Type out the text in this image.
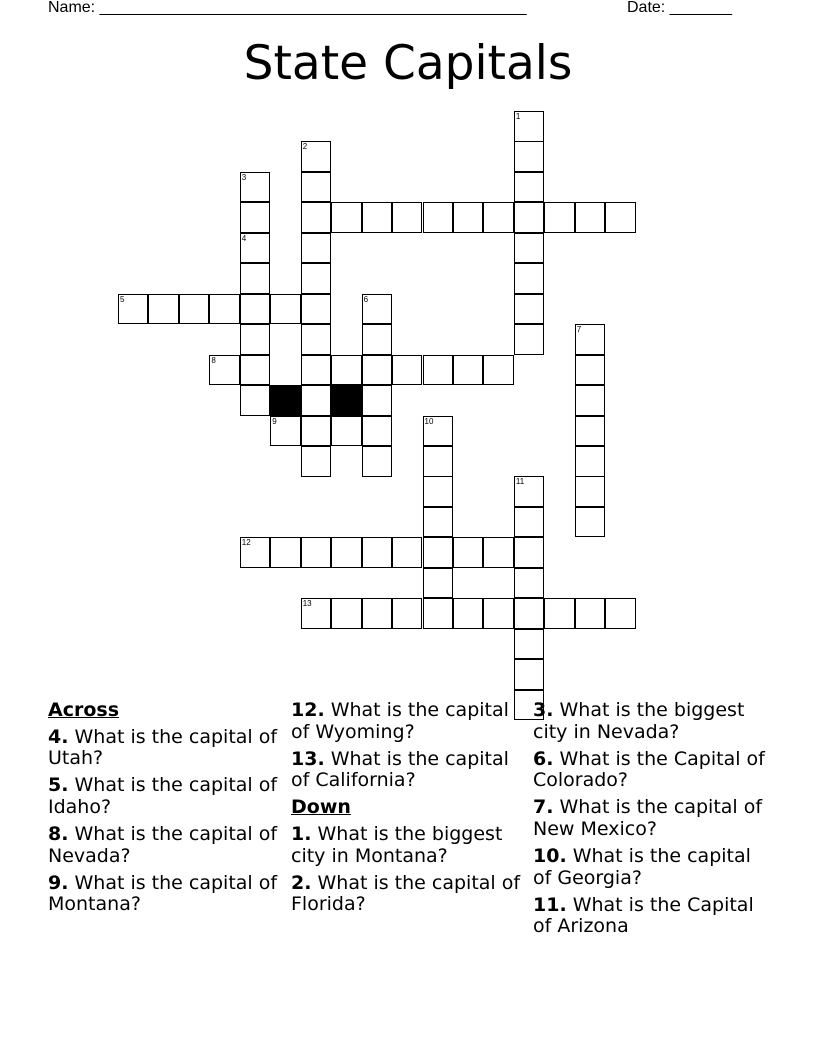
Name: ________________________________________________	Date: _______
State Capitals
1
2
3
4
5	6
7
8
9	10
11
12
13
Across
4. What is the capital of Utah?
5. What is the capital of Idaho?
8. What is the capital of Nevada?
9. What is the capital of Montana?
12. What is the capital of Wyoming?
13. What is the capital of California?
Down
1. What is the biggest city in Montana?
2. What is the capital of Florida?
3. What is the biggest city in Nevada?
6. What is the Capital of Colorado?
7. What is the capital of New Mexico?
10. What is the capital of Georgia?
11. What is the Capital of Arizona
